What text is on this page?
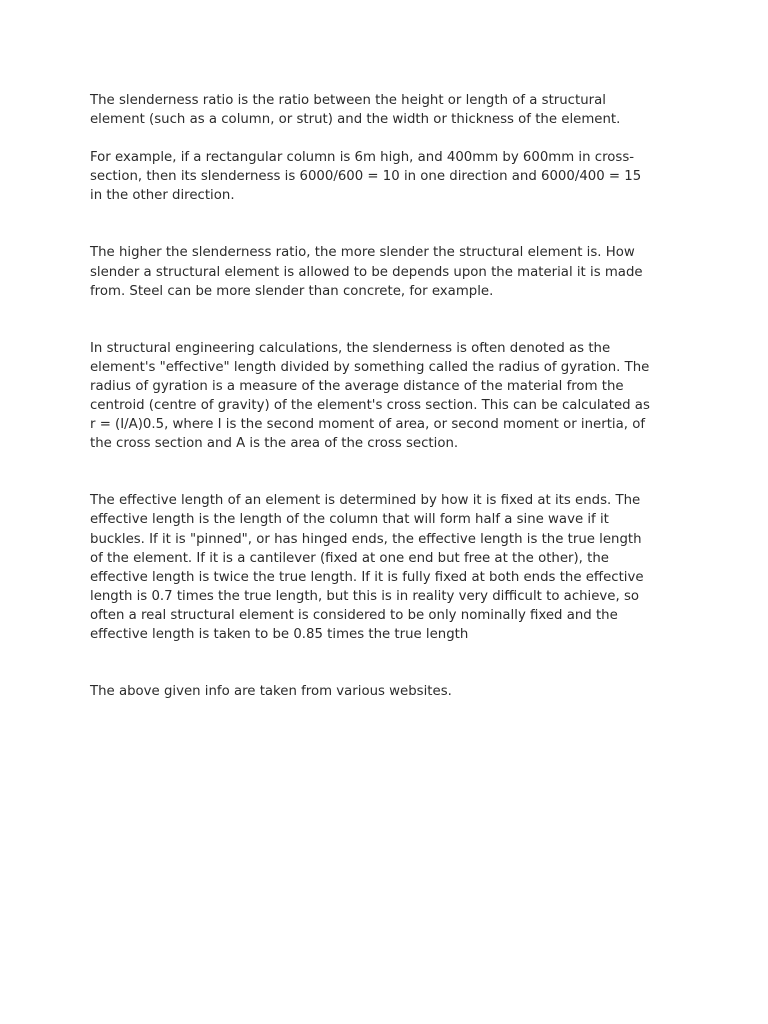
The slenderness ratio is the ratio between the height or length of a structural
element (such as a column, or strut) and the width or thickness of the element.

For example, if a rectangular column is 6m high, and 400mm by 600mm in cross-
section, then its slenderness is 6000/600 = 10 in one direction and 6000/400 = 15
in the other direction.

The higher the slenderness ratio, the more slender the structural element is. How
slender a structural element is allowed to be depends upon the material it is made
from. Steel can be more slender than concrete, for example.

In structural engineering calculations, the slenderness is often denoted as the
element's "effective" length divided by something called the radius of gyration. The
radius of gyration is a measure of the average distance of the material from the
centroid (centre of gravity) of the element's cross section. This can be calculated as
r = (I/A)0.5, where I is the second moment of area, or second moment or inertia, of
the cross section and A is the area of the cross section.

The effective length of an element is determined by how it is fixed at its ends. The
effective length is the length of the column that will form half a sine wave if it
buckles. If it is "pinned", or has hinged ends, the effective length is the true length
of the element. If it is a cantilever (fixed at one end but free at the other), the
effective length is twice the true length. If it is fully fixed at both ends the effective
length is 0.7 times the true length, but this is in reality very difficult to achieve, so
often a real structural element is considered to be only nominally fixed and the
effective length is taken to be 0.85 times the true length

The above given info are taken from various websites.
